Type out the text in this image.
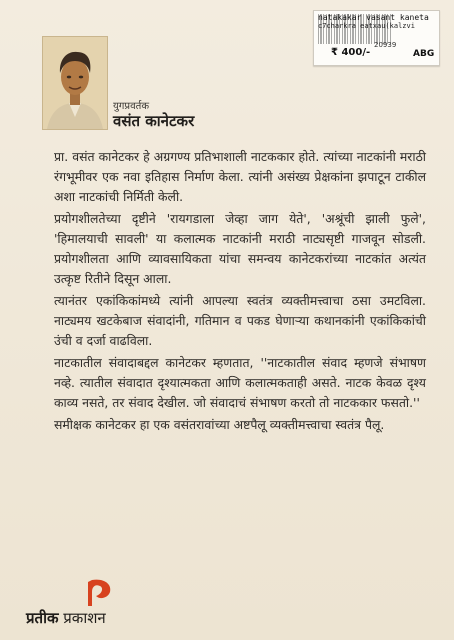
natakakar vasant kaneta
c7charkra eatxau(kalzvi
20939
₹ 400/-	ABG
युगप्रवर्तक
वसंत कानेटकर

प्रा. वसंत कानेटकर हे अग्रगण्य प्रतिभाशाली नाटककार होते. त्यांच्या नाटकांनी मराठी रंगभूमीवर एक नवा इतिहास निर्माण केला. त्यांनी असंख्य प्रेक्षकांना झपाटून टाकील अशा नाटकांची निर्मिती केली.

प्रयोगशीलतेच्या दृष्टीने 'रायगडाला जेव्हा जाग येते', 'अश्रूंची झाली फुले', 'हिमालयाची सावली' या कलात्मक नाटकांनी मराठी नाट्यसृष्टी गाजवून सोडली. प्रयोगशीलता आणि व्यावसायिकता यांचा समन्वय कानेटकरांच्या नाटकांत अत्यंत उत्कृष्ट रितीने दिसून आला.

त्यानंतर एकांकिकांमध्ये त्यांनी आपल्या स्वतंत्र व्यक्तीमत्त्वाचा ठसा उमटविला. नाट्यमय खटकेबाज संवादांनी, गतिमान व पकड घेणाऱ्या कथानकांनी एकांकिकांची उंची व दर्जा वाढविला.

नाटकातील संवादाबद्दल कानेटकर म्हणतात, ''नाटकातील संवाद म्हणजे संभाषण नव्हे. त्यातील संवादात दृश्यात्मकता आणि कलात्मकताही असते. नाटक केवळ दृश्य काव्य नसते, तर संवाद देखील. जो संवादाचं संभाषण करतो तो नाटककार फसतो.''

समीक्षक कानेटकर हा एक वसंतरावांच्या अष्टपैलू व्यक्तीमत्त्वाचा स्वतंत्र पैलू.

प्रतीक प्रकाशन
